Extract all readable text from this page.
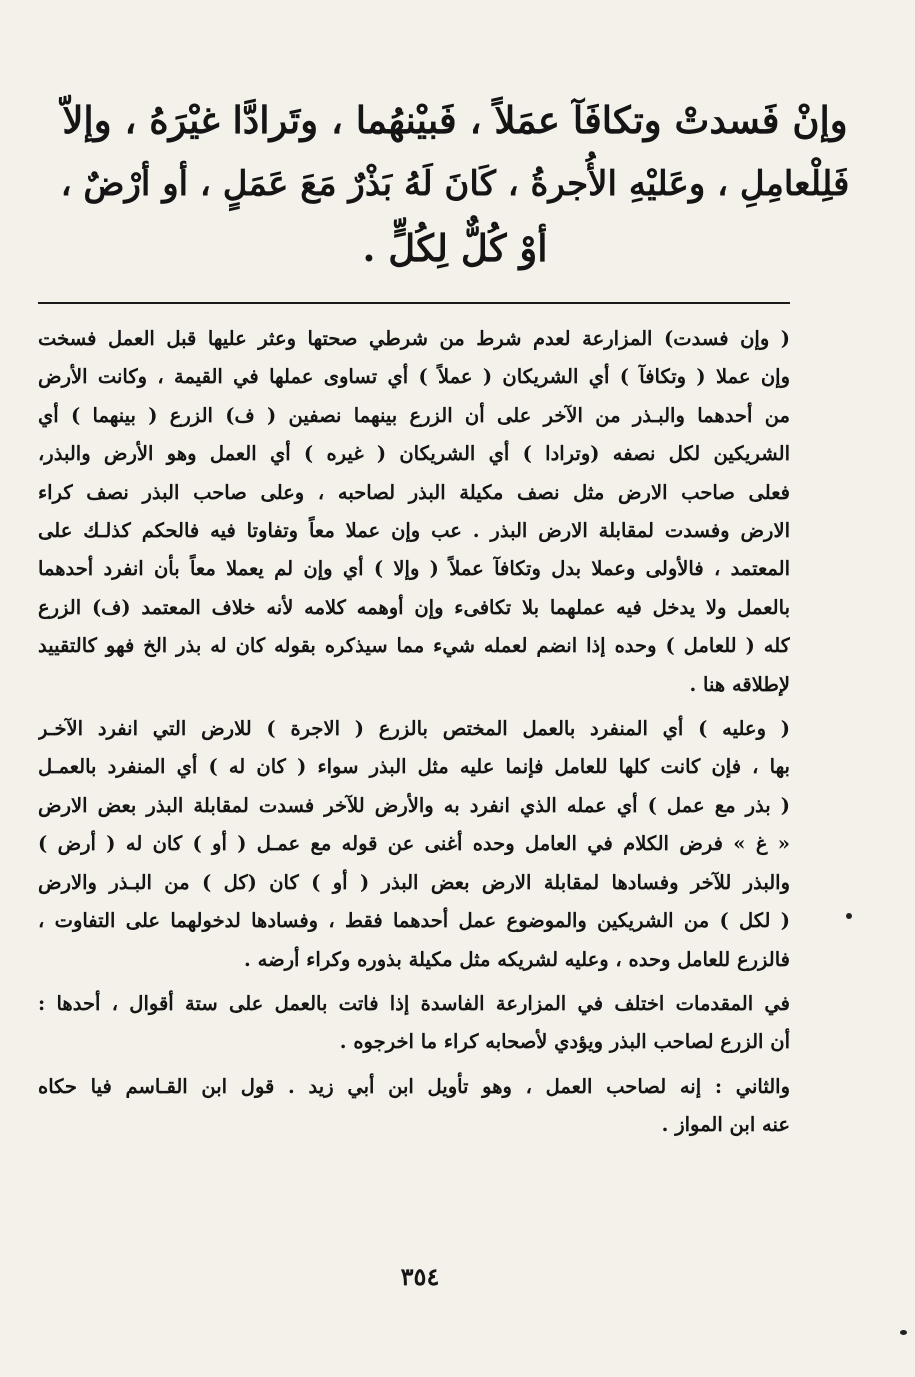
وإنْ فَسدتْ وتكافَآ عمَلاً ، فَبيْنهُما ، وتَرادَّا غيْرَهُ ، وإلاّ
فَلِلْعامِلِ ، وعَليْهِ الأُجرةُ ، كَانَ لَهُ بَذْرٌ مَعَ عَمَلٍ ، أو أرْضٌ ،
أوْ كُلٌّ لِكُلٍّ .
( وإن فسدت) المزارعة لعدم شرط من شرطي صحتها وعثر عليها قبل العمل فسخت
وإن عملا ( وتكافآ ) أي الشريكان ( عملاً ) أي تساوى عملها في القيمة ، وكانت الأرض
من أحدهما والبـذر من الآخر على أن الزرع بينهما نصفين ( ف) الزرع ( بينهما ) أي
الشريكين لكل نصفه (وترادا ) أي الشريكان ( غيره ) أي العمل وهو الأرض والبذر،
فعلى صاحب الارض مثل نصف مكيلة البذر لصاحبه ، وعلى صاحب البذر نصف كراء
الارض وفسدت لمقابلة الارض البذر . عب وإن عملا معاً وتفاوتا فيه فالحكم كذلـك على
المعتمد ، فالأولى وعملا بدل وتكافآ عملاً ( وإلا ) أي وإن لم يعملا معاً بأن انفرد أحدهما
بالعمل ولا يدخل فيه عملهما بلا تكافىء وإن أوهمه كلامه لأنه خلاف المعتمد (ف) الزرع
كله ( للعامل ) وحده إذا انضم لعمله شيء مما سيذكره بقوله كان له بذر الخ فهو كالتقييد
لإطلاقه هنا .
( وعليه ) أي المنفرد بالعمل المختص بالزرع ( الاجرة ) للارض التي انفرد الآخـر
بها ، فإن كانت كلها للعامل فإنما عليه مثل البذر سواء ( كان له ) أي المنفرد بالعمـل
( بذر مع عمل ) أي عمله الذي انفرد به والأرض للآخر فسدت لمقابلة البذر بعض الارض
« غ » فرض الكلام في العامل وحده أغنى عن قوله مع عمـل ( أو ) كان له ( أرض )
والبذر للآخر وفسادها لمقابلة الارض بعض البذر ( أو ) كان (كل ) من البـذر والارض
( لكل ) من الشريكين والموضوع عمل أحدهما فقط ، وفسادها لدخولهما على التفاوت ،
فالزرع للعامل وحده ، وعليه لشريكه مثل مكيلة بذوره وكراء أرضه .
في المقدمات اختلف في المزارعة الفاسدة إذا فاتت بالعمل على ستة أقوال ، أحدها :
أن الزرع لصاحب البذر ويؤدي لأصحابه كراء ما اخرجوه .
والثاني : إنه لصاحب العمل ، وهو تأويل ابن أبي زيد . قول ابن القـاسم فيا حكاه
عنه ابن المواز .
٣٥٤
